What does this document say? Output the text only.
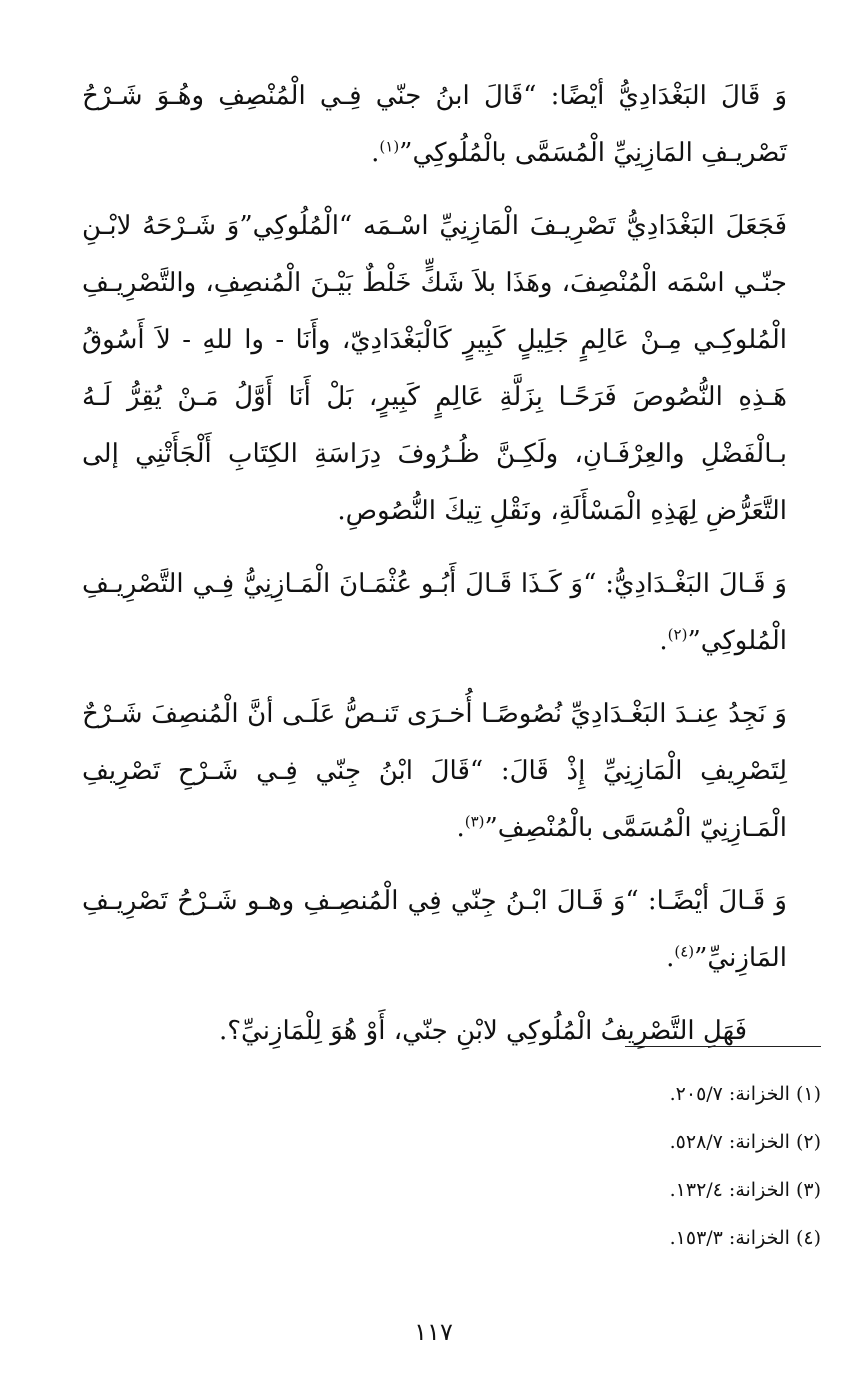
وَ قَالَ البَغْدَادِيُّ أيْضًا: “قَالَ ابنُ جنّي فِـي الْمُنْصِفِ وهُـوَ شَـرْحُ تَصْريـفِ المَازِنِيِّ الْمُسَمَّى بالْمُلُوكِي”$^{(١)}$.

فَجَعَلَ البَغْدَادِيُّ تَصْرِيـفَ الْمَازِنِيِّ اسْـمَه “الْمُلُوكِي”وَ شَـرْحَهُ لابْـنِ جنّـي اسْمَه الْمُنْصِفَ، وهَذَا بلاَ شَكٍّ خَلْطٌ بَيْـنَ الْمُنصِفِ، والتَّصْرِيـفِ الْمُلوكِـي مِـنْ عَالِمٍ جَلِيلٍ كَبِيرٍ كَالْبَغْدَادِيّ، وأَنَا - وا للهِ - لاَ أَسُوقُ هَـذِهِ النُّصُوصَ فَرَحًـا بِزَلَّةِ عَالِمٍ كَبِيرٍ، بَلْ أَنَا أَوَّلُ مَـنْ يُقِرُّ لَـهُ بـالْفَضْلِ والعِرْفَـانِ، ولَكِـنَّ ظُـرُوفَ دِرَاسَةِ الكِتَابِ أَلْجَأَتْنِي إلى التَّعَرُّضِ لِهَذِهِ الْمَسْأَلَةِ، ونَقْلِ تِيكَ النُّصُوصِ.

وَ قَـالَ البَغْـدَادِيُّ: “وَ كَـذَا قَـالَ أَبُـو عُثْمَـانَ الْمَـازِنِيُّ فِـي التَّصْرِيـفِ الْمُلوكِي”$^{(٢)}$.

وَ نَجِدُ عِنـدَ البَغْـدَادِيِّ نُصُوصًـا أُخـرَى تَنـصُّ عَلَـى أنَّ الْمُنصِفَ شَـرْحٌ لِتَصْرِيفِ الْمَازِنِيِّ إِذْ قَالَ: “قَالَ ابْنُ جِنّي فِـي شَـرْحِ تَصْرِيفِ الْمَـازِنِيّ الْمُسَمَّى بالْمُنْصِفِ”$^{(٣)}$.

وَ قَـالَ أيْضًـا: “وَ قَـالَ ابْـنُ جِنّي فِي الْمُنصِـفِ وهـو شَـرْحُ تَصْرِيـفِ المَازِنيِّ”$^{(٤)}$.

فَهَلِ التَّصْرِيفُ الْمُلُوكِي لابْنِ جنّي، أَوْ هُوَ لِلْمَازِنيِّ؟.

(١) الخزانة: ٢٠٥/٧.
(٢) الخزانة: ٥٢٨/٧.
(٣) الخزانة: ١٣٢/٤.
(٤) الخزانة: ١٥٣/٣.
١١٧
